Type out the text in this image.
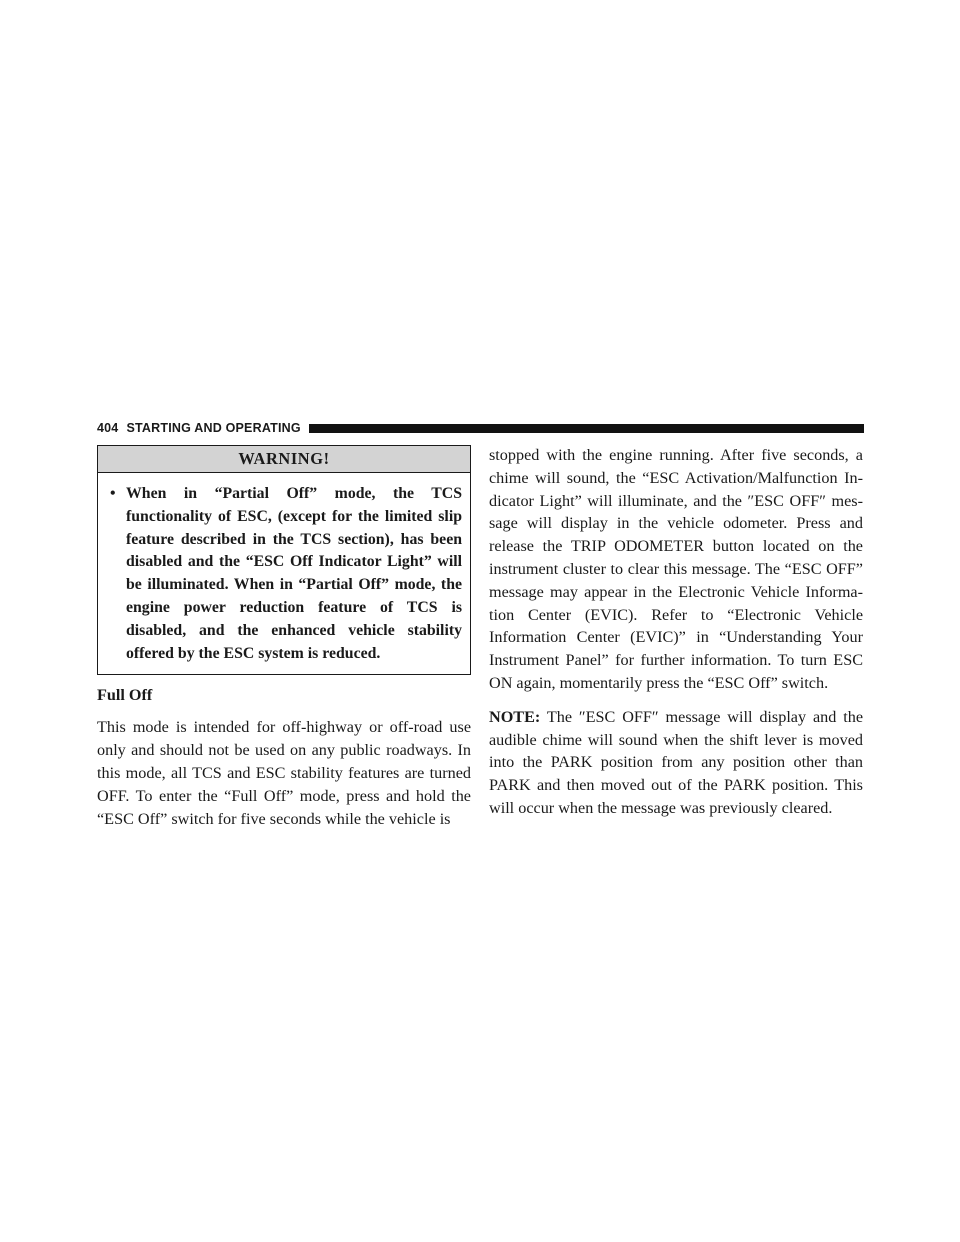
404 STARTING AND OPERATING
WARNING!
• When in “Partial Off” mode, the TCS functionality of ESC, (except for the limited slip feature described in the TCS section), has been disabled and the “ESC Off Indicator Light” will be illuminated. When in “Partial Off” mode, the engine power reduction feature of TCS is disabled, and the enhanced vehicle stability offered by the ESC system is reduced.
Full Off

This mode is intended for off-highway or off-road use only and should not be used on any public roadways. In this mode, all TCS and ESC stability features are turned OFF. To enter the “Full Off” mode, press and hold the “ESC Off” switch for five seconds while the vehicle is

stopped with the engine running. After five seconds, a chime will sound, the “ESC Activation/Malfunction Indicator Light” will illuminate, and the ″ESC OFF″ message will display in the vehicle odometer. Press and release the TRIP ODOMETER button located on the instrument cluster to clear this message. The “ESC OFF” message may appear in the Electronic Vehicle Information Center (EVIC). Refer to “Electronic Vehicle Information Center (EVIC)” in “Understanding Your Instrument Panel” for further information. To turn ESC ON again, momentarily press the “ESC Off” switch.

NOTE: The ″ESC OFF″ message will display and the audible chime will sound when the shift lever is moved into the PARK position from any position other than PARK and then moved out of the PARK position. This will occur when the message was previously cleared.
